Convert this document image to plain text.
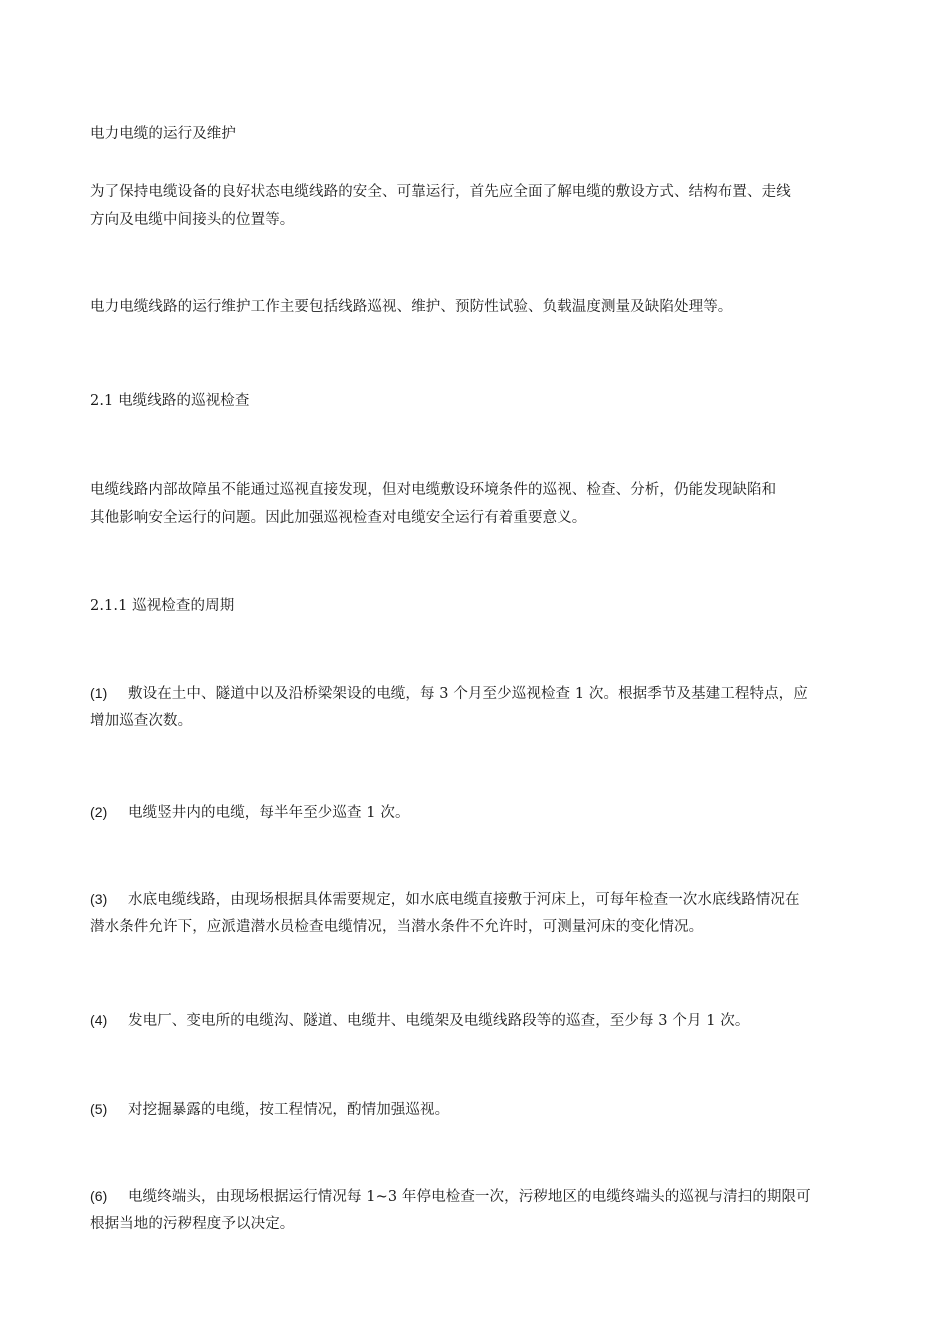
电力电缆的运行及维护
为了保持电缆设备的良好状态电缆线路的安全、可靠运行，首先应全面了解电缆的敷设方式、结构布置、走线
方向及电缆中间接头的位置等。
电力电缆线路的运行维护工作主要包括线路巡视、维护、预防性试验、负载温度测量及缺陷处理等。
2.1 电缆线路的巡视检查
电缆线路内部故障虽不能通过巡视直接发现，但对电缆敷设环境条件的巡视、检查、分析，仍能发现缺陷和
其他影响安全运行的问题。因此加强巡视检查对电缆安全运行有着重要意义。
2.1.1 巡视检查的周期
(1) 敷设在土中、隧道中以及沿桥梁架设的电缆，每 3 个月至少巡视检查 1 次。根据季节及基建工程特点，应
增加巡查次数。
(2) 电缆竖井内的电缆，每半年至少巡查 1 次。
(3) 水底电缆线路，由现场根据具体需要规定，如水底电缆直接敷于河床上，可每年检查一次水底线路情况在
潜水条件允许下，应派遣潜水员检查电缆情况，当潜水条件不允许时，可测量河床的变化情况。
(4) 发电厂、变电所的电缆沟、隧道、电缆井、电缆架及电缆线路段等的巡查，至少每 3 个月 1 次。
(5) 对挖掘暴露的电缆，按工程情况，酌情加强巡视。
(6) 电缆终端头，由现场根据运行情况每 1~3 年停电检查一次，污秽地区的电缆终端头的巡视与清扫的期限可
根据当地的污秽程度予以决定。
